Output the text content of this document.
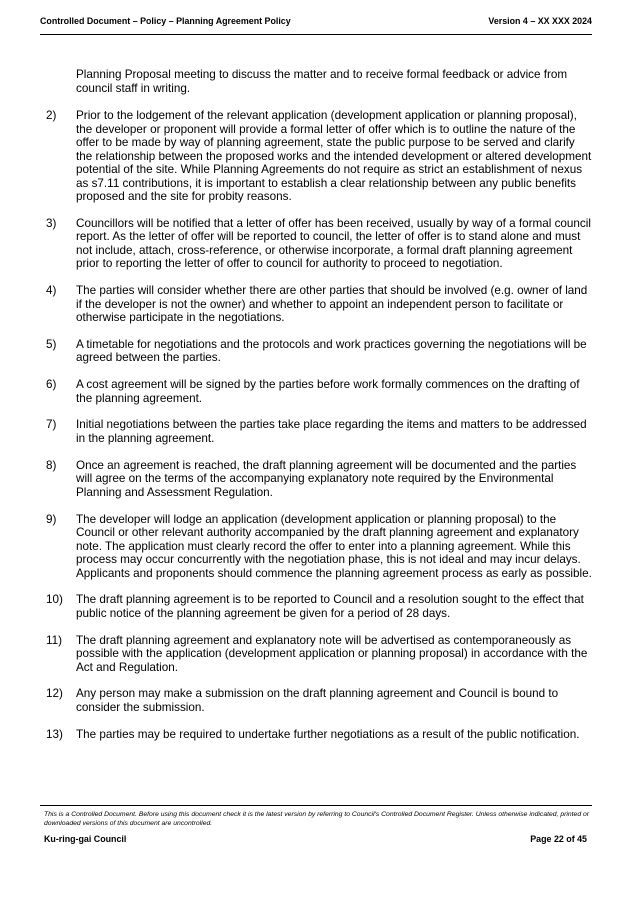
Controlled Document – Policy – Planning Agreement Policy	Version 4 – XX XXX 2024
Planning Proposal meeting to discuss the matter and to receive formal feedback or advice from council staff in writing.
2)	Prior to the lodgement of the relevant application (development application or planning proposal), the developer or proponent will provide a formal letter of offer which is to outline the nature of the offer to be made by way of planning agreement, state the public purpose to be served and clarify the relationship between the proposed works and the intended development or altered development potential of the site. While Planning Agreements do not require as strict an establishment of nexus as s7.11 contributions, it is important to establish a clear relationship between any public benefits proposed and the site for probity reasons.
3)	Councillors will be notified that a letter of offer has been received, usually by way of a formal council report. As the letter of offer will be reported to council, the letter of offer is to stand alone and must not include, attach, cross-reference, or otherwise incorporate, a formal draft planning agreement prior to reporting the letter of offer to council for authority to proceed to negotiation.
4)	The parties will consider whether there are other parties that should be involved (e.g. owner of land if the developer is not the owner) and whether to appoint an independent person to facilitate or otherwise participate in the negotiations.
5)	A timetable for negotiations and the protocols and work practices governing the negotiations will be agreed between the parties.
6)	A cost agreement will be signed by the parties before work formally commences on the drafting of the planning agreement.
7)	Initial negotiations between the parties take place regarding the items and matters to be addressed in the planning agreement.
8)	Once an agreement is reached, the draft planning agreement will be documented and the parties will agree on the terms of the accompanying explanatory note required by the Environmental Planning and Assessment Regulation.
9)	The developer will lodge an application (development application or planning proposal) to the Council or other relevant authority accompanied by the draft planning agreement and explanatory note. The application must clearly record the offer to enter into a planning agreement. While this process may occur concurrently with the negotiation phase, this is not ideal and may incur delays. Applicants and proponents should commence the planning agreement process as early as possible.
10)	The draft planning agreement is to be reported to Council and a resolution sought to the effect that public notice of the planning agreement be given for a period of 28 days.
11)	The draft planning agreement and explanatory note will be advertised as contemporaneously as possible with the application (development application or planning proposal) in accordance with the Act and Regulation.
12)	Any person may make a submission on the draft planning agreement and Council is bound to consider the submission.
13)	The parties may be required to undertake further negotiations as a result of the public notification.
This is a Controlled Document. Before using this document check it is the latest version by referring to Council's Controlled Document Register. Unless otherwise indicated, printed or downloaded versions of this document are uncontrolled.
Ku-ring-gai Council	Page 22 of 45
